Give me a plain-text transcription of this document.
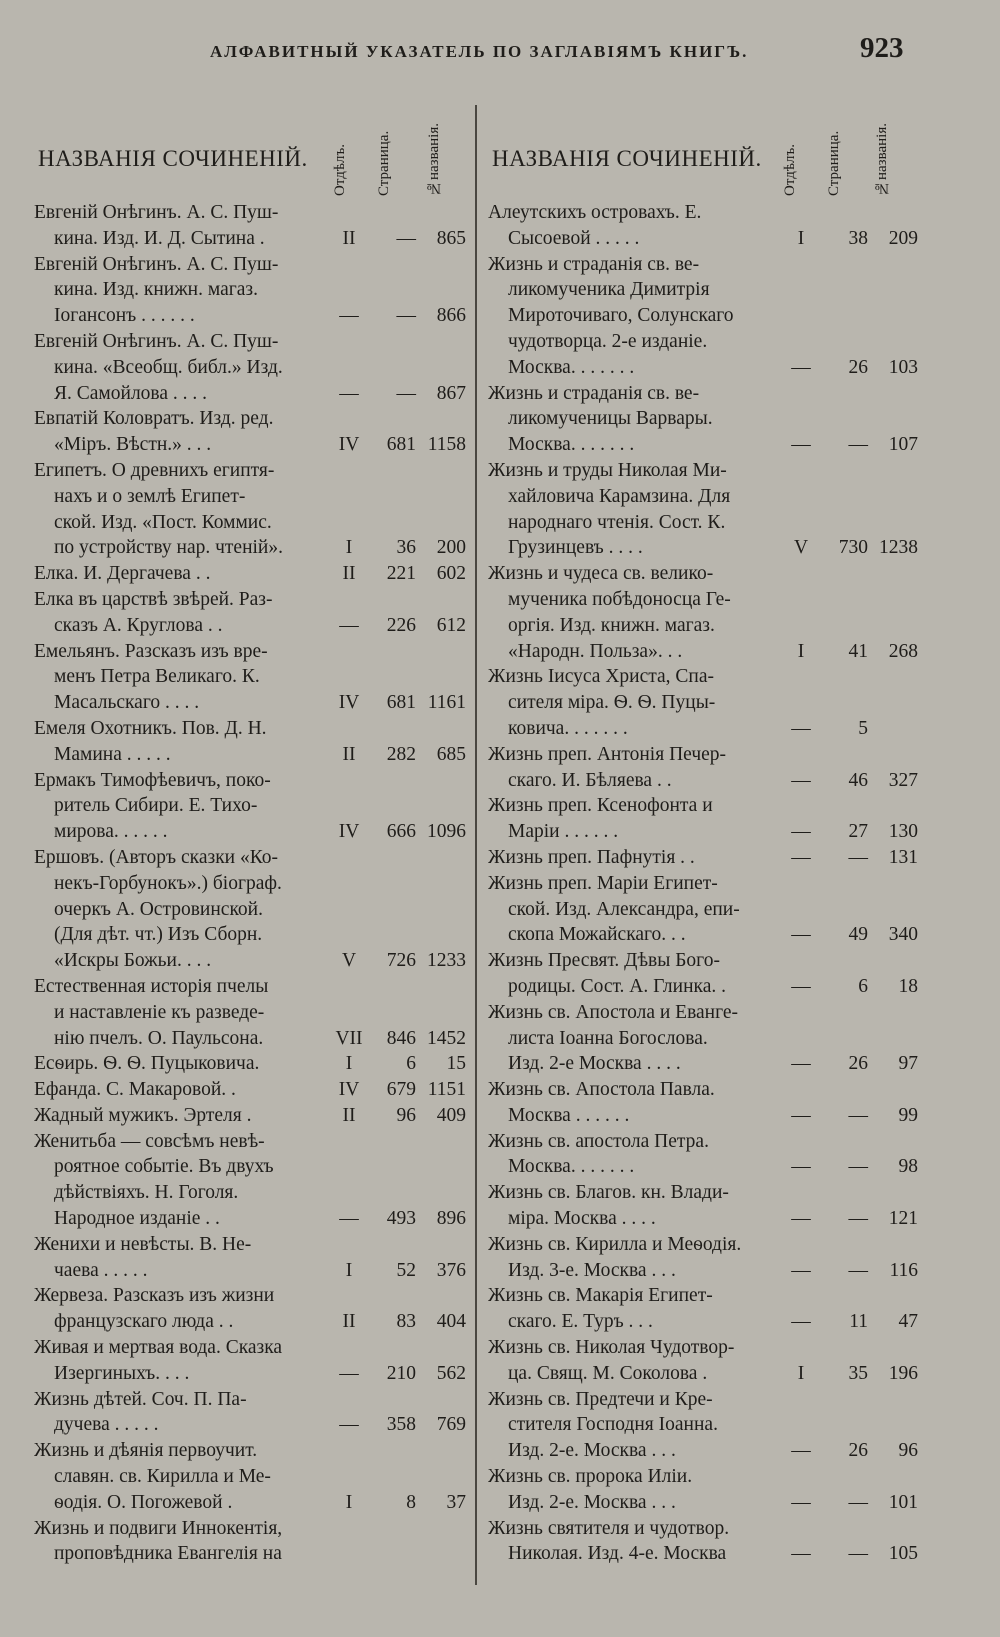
АЛФАВИТНЫЙ УКАЗАТЕЛЬ ПО ЗАГЛАВІЯМЪ КНИГЪ.	923
НАЗВАНІЯ СОЧИНЕНІЙ. Отдѣлъ.	Страница.	№названія.
Евгеній Онѣгинъ. А. С. Пуш-
кина. Изд. И. Д. Сытина .	II	—	865
Евгеній Онѣгинъ. А. С. Пуш-
кина. Изд. книжн. магаз.
Іогансонъ . . . . . .	—	—	866
Евгеній Онѣгинъ. А. С. Пуш-
кина. «Всеобщ. библ.» Изд.
Я. Самойлова . . . .	—	—	867
Евпатій Коловратъ. Изд. ред.
«Міръ. Вѣстн.» . . .	IV	681 1158
Египетъ. О древнихъ египтя-
нахъ и о землѣ Египет-
ской. Изд. «Пост. Коммис.
по устройству нар. чтеній».	I	36	200
Елка. И. Дергачева . .	II	221	602
Елка въ царствѣ звѣрей. Раз-
сказъ А. Круглова . .	—	226	612
Емельянъ. Разсказъ изъ вре-
менъ Петра Великаго. К.
Масальскаго . . . .	IV	681 1161
Емеля Охотникъ. Пов. Д. Н.
Мамина . . . . .	II	282	685
Ермакъ Тимофѣевичъ, поко-
ритель Сибири. Е. Тихо-
мирова. . . . . .	IV	666 1096
Ершовъ. (Авторъ сказки «Ко-
некъ-Горбунокъ».) біограф.
очеркъ А. Островинской.
(Для дѣт. чт.) Изъ Сборн.
«Искры Божьи. . . .	V	726 1233
Естественная исторія пчелы
и наставленіе къ разведе-
нію пчелъ. О. Паульсона.	VII	846 1452
Есѳирь. Ѳ. Ѳ. Пуцыковича.	I	6	15
Ефанда. С. Макаровой. .	IV	679 1151
Жадный мужикъ. Эртеля .	II	96	409
Женитьба — совсѣмъ невѣ-
роятное событіе. Въ двухъ
дѣйствіяхъ. Н. Гоголя.
Народное изданіе . .	—	493	896
Женихи и невѣсты. В. Не-
чаева . . . . .	I	52	376
Жервеза. Разсказъ изъ жизни
французскаго люда . .	II	83	404
Живая и мертвая вода. Сказка
Изергиныхъ. . . .	—	210	562
Жизнь дѣтей. Соч. П. Па-
дучева . . . . .	—	358	769
Жизнь и дѣянія первоучит.
славян. св. Кирилла и Ме-
ѳодія. О. Погожевой .	I	8	37
Жизнь и подвиги Иннокентія,
проповѣдника Евангелія на
НАЗВАНІЯ СОЧИНЕНІЙ. Отдѣлъ.	Страница.	№названія.
Алеутскихъ островахъ. Е.
Сысоевой . . . . .	I	38	209
Жизнь и страданія св. ве-
ликомученика Димитрія
Мироточиваго, Солунскаго
чудотворца. 2-е изданіе.
Москва. . . . . . .	—	26	103
Жизнь и страданія св. ве-
ликомученицы Варвары.
Москва. . . . . . .	—	—	107
Жизнь и труды Николая Ми-
хайловича Карамзина. Для
народнаго чтенія. Сост. К.
Грузинцевъ . . . .	V	730 1238
Жизнь и чудеса св. велико-
мученика побѣдоносца Ге-
оргія. Изд. книжн. магаз.
«Народн. Польза». . .	I	41	268
Жизнь Іисуса Христа, Спа-
сителя міра. Ѳ. Ѳ. Пуцы-
ковича. . . . . . .	—	5
Жизнь преп. Антонія Печер-
скаго. И. Бѣляева . .	—	46	327
Жизнь преп. Ксенофонта и
Маріи . . . . . .	—	27	130
Жизнь преп. Пафнутія . .	—	—	131
Жизнь преп. Маріи Египет-
ской. Изд. Александра, епи-
скопа Можайскаго. . .	—	49	340
Жизнь Пресвят. Дѣвы Бого-
родицы. Сост. А. Глинка. .	—	6	18
Жизнь св. Апостола и Еванге-
листа Іоанна Богослова.
Изд. 2-е Москва . . . .	—	26	97
Жизнь св. Апостола Павла.
Москва . . . . . .	—	—	99
Жизнь св. апостола Петра.
Москва. . . . . . .	—	—	98
Жизнь св. Благов. кн. Влади-
міра. Москва . . . .	—	—	121
Жизнь св. Кирилла и Меѳодія.
Изд. 3-е. Москва . . .	—	—	116
Жизнь св. Макарія Египет-
скаго. Е. Туръ . . .	—	11	47
Жизнь св. Николая Чудотвор-
ца. Свящ. М. Соколова .	I	35	196
Жизнь св. Предтечи и Кре-
стителя Господня Іоанна.
Изд. 2-е. Москва . . .	—	26	96
Жизнь св. пророка Иліи.
Изд. 2-е. Москва . . .	—	—	101
Жизнь святителя и чудотвор.
Николая. Изд. 4-е. Москва	—	—	105
